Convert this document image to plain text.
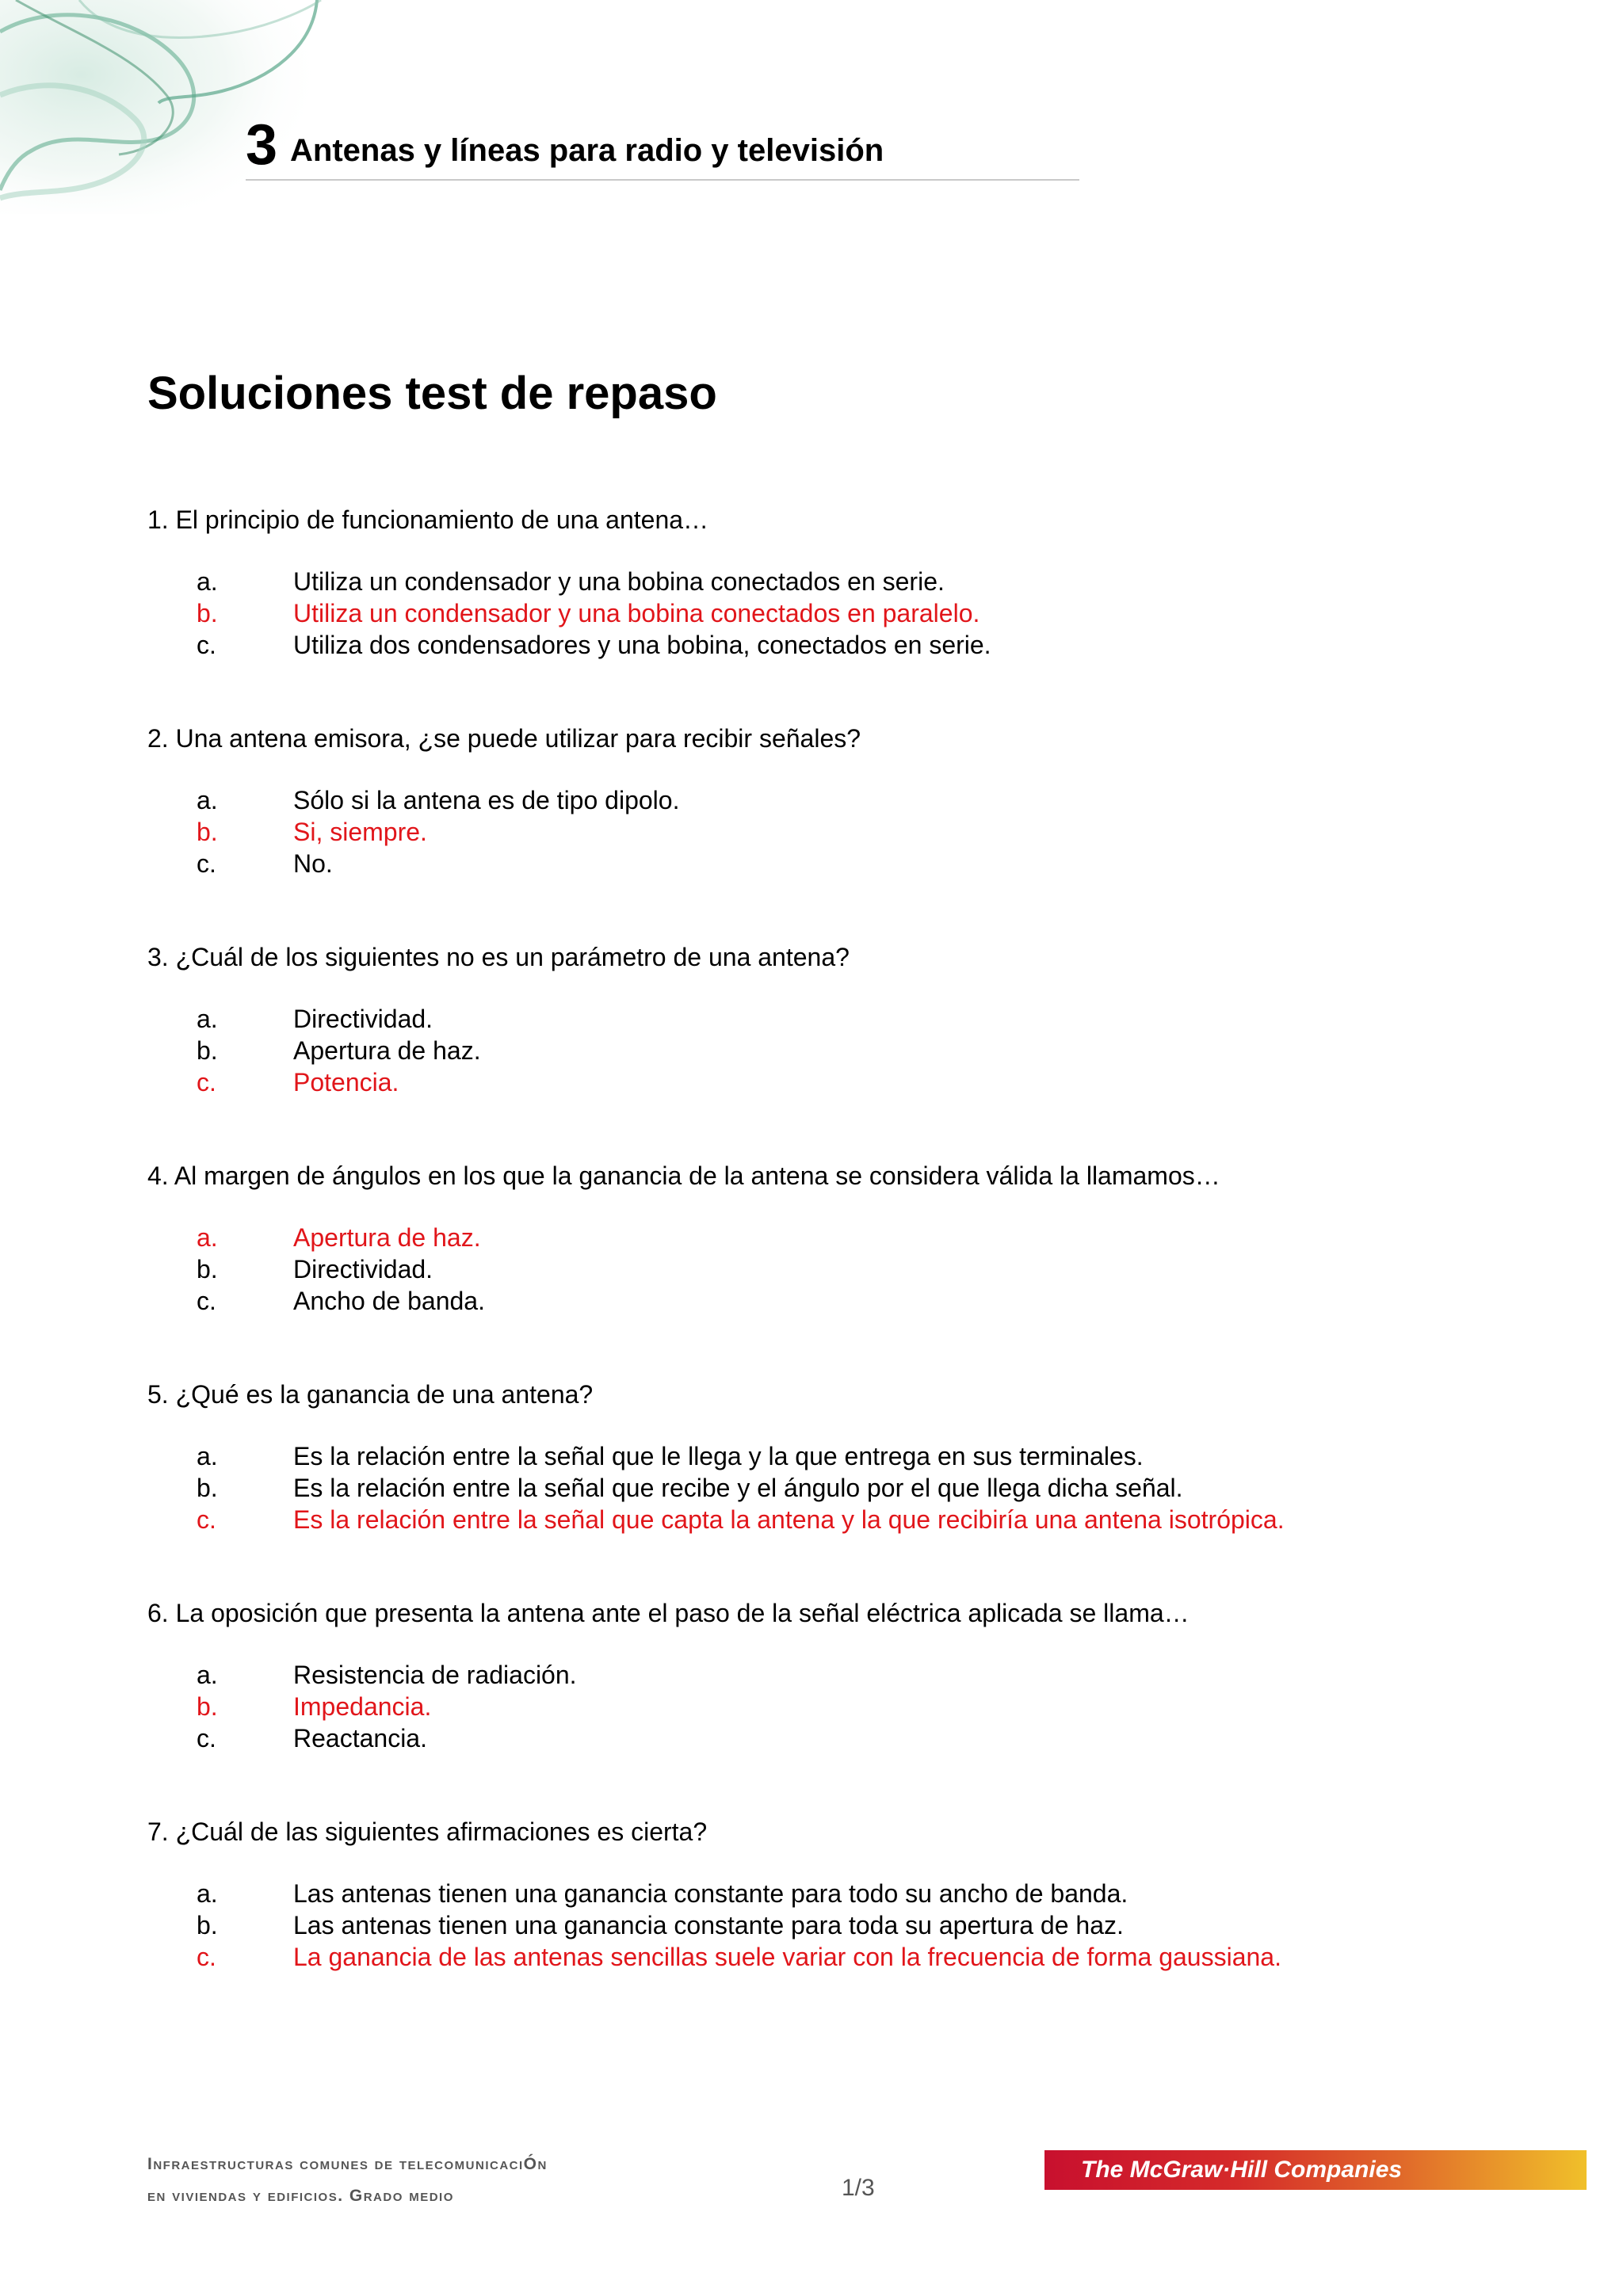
3 Antenas y líneas para radio y televisión
Soluciones test de repaso
1. El principio de funcionamiento de una antena…
a.	Utiliza un condensador y una bobina conectados en serie.
b.	Utiliza un condensador y una bobina conectados en paralelo.
c.	Utiliza dos condensadores y una bobina, conectados en serie.
2. Una antena emisora, ¿se puede utilizar para recibir señales?
a.	Sólo si la antena es de tipo dipolo.
b.	Si, siempre.
c.	No.
3. ¿Cuál de los siguientes no es un parámetro de una antena?
a.	Directividad.
b.	Apertura de haz.
c.	Potencia.
4. Al margen de ángulos en los que la ganancia de la antena se considera válida la llamamos…
a.	Apertura de haz.
b.	Directividad.
c.	Ancho de banda.
5. ¿Qué es la ganancia de una antena?
a.	Es la relación entre la señal que le llega y la que entrega en sus terminales.
b.	Es la relación entre la señal que recibe y el ángulo por el que llega dicha señal.
c.	Es la relación entre la señal que capta la antena y la que recibiría una antena isotrópica.
6. La oposición que presenta la antena ante el paso de la señal eléctrica aplicada se llama…
a.	Resistencia de radiación.
b.	Impedancia.
c.	Reactancia.
7. ¿Cuál de las siguientes afirmaciones es cierta?
a.	Las antenas tienen una ganancia constante para todo su ancho de banda.
b.	Las antenas tienen una ganancia constante para toda su apertura de haz.
c.	La ganancia de las antenas sencillas suele variar con la frecuencia de forma gaussiana.
Infraestructuras comunes de telecomunicaciÓn
en viviendas y edificios. Grado medio	1/3
The McGraw·Hill Companies
